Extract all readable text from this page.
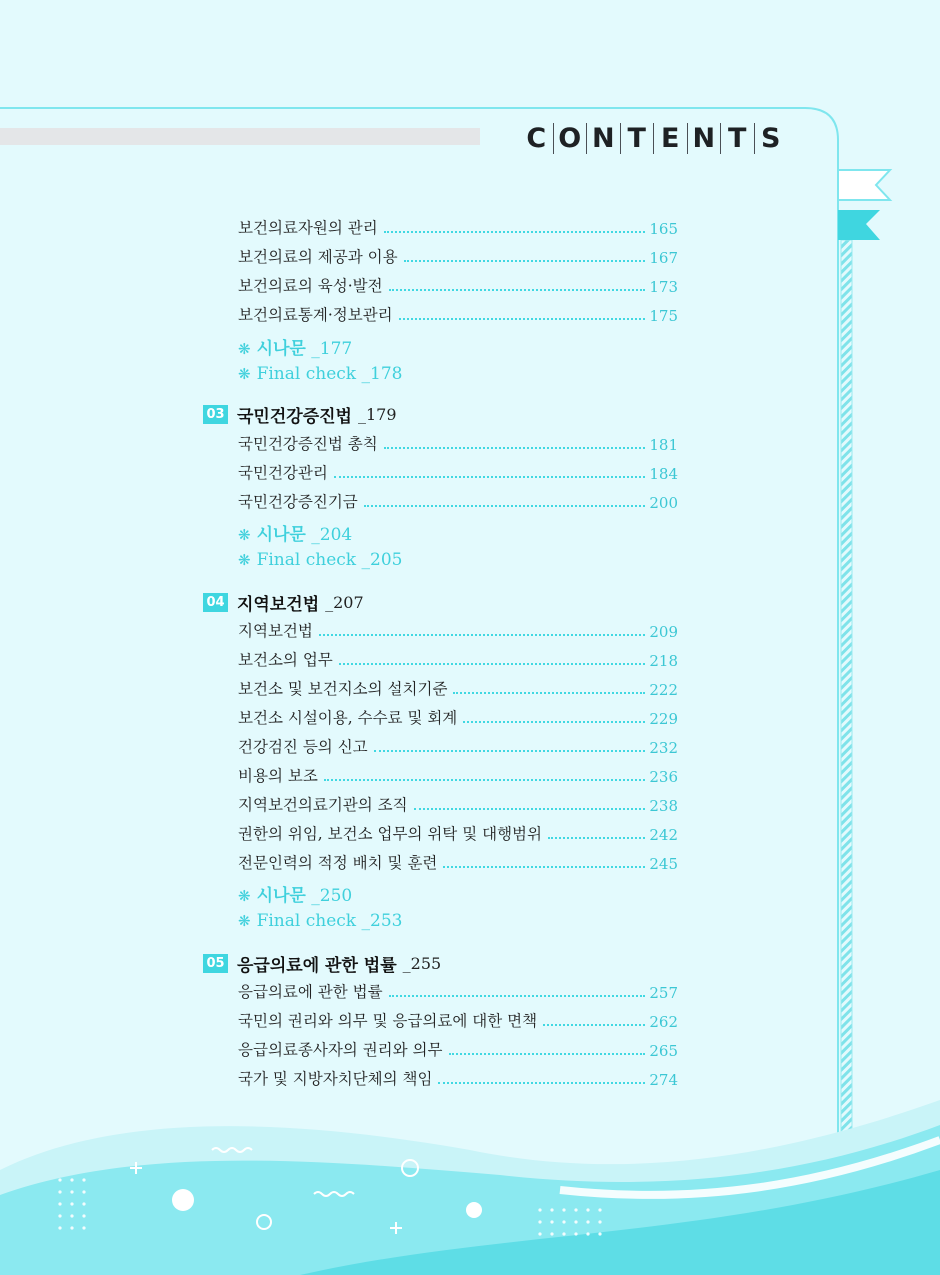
C O N T E N T S
보건의료자원의 관리	165
보건의료의 제공과 이용	167
보건의료의 육성·발전	173
보건의료통계·정보관리	175
❋ 시나문 _177
❋ Final check _178
03 국민건강증진법 _179
국민건강증진법 총칙	181
국민건강관리	184
국민건강증진기금	200
❋ 시나문 _204
❋ Final check _205
04 지역보건법 _207
지역보건법	209
보건소의 업무	218
보건소 및 보건지소의 설치기준	222
보건소 시설이용, 수수료 및 회계	229
건강검진 등의 신고	232
비용의 보조	236
지역보건의료기관의 조직	238
권한의 위임, 보건소 업무의 위탁 및 대행범위	242
전문인력의 적정 배치 및 훈련	245
❋ 시나문 _250
❋ Final check _253
05 응급의료에 관한 법률 _255
응급의료에 관한 법률	257
국민의 권리와 의무 및 응급의료에 대한 면책	262
응급의료종사자의 권리와 의무	265
국가 및 지방자치단체의 책임	274
